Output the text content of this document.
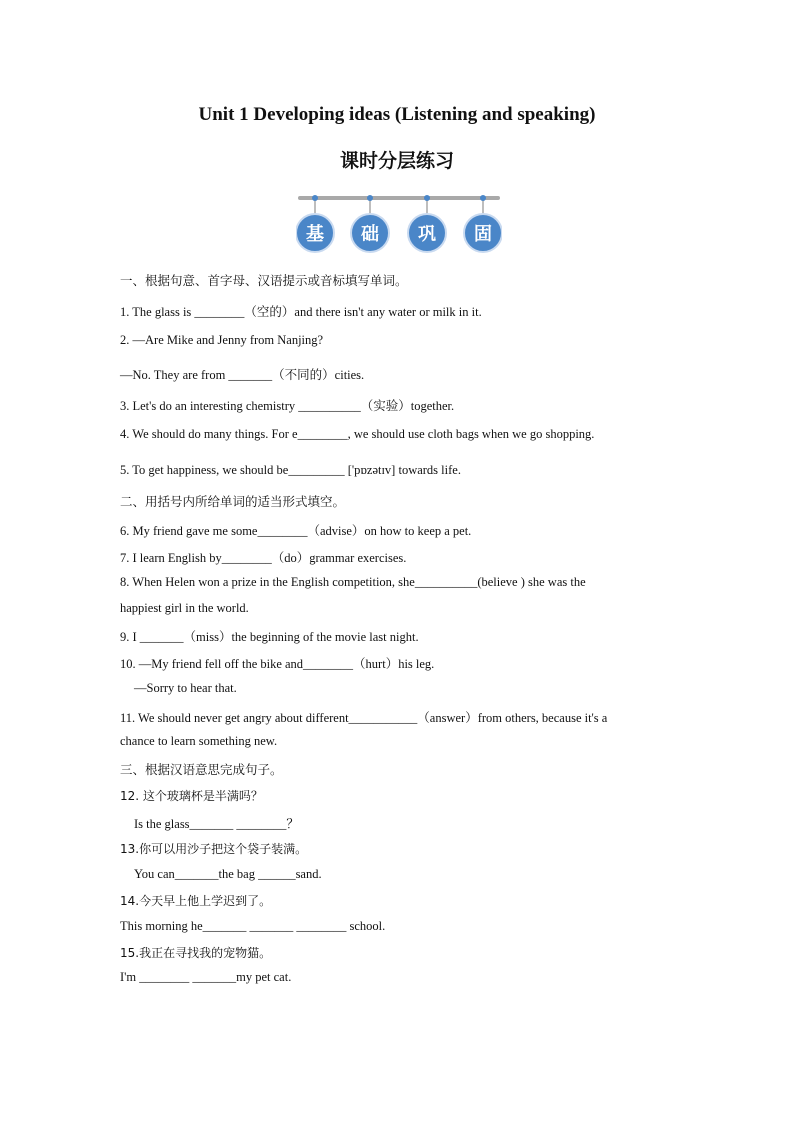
Unit 1 Developing ideas (Listening and speaking)
课时分层练习
基 础 巩 固
一、根据句意、首字母、汉语提示或音标填写单词。
1. The glass is ________（空的）and there isn't any water or milk in it.
2. —Are Mike and Jenny from Nanjing?
—No. They are from _______（不同的）cities.
3. Let's do an interesting chemistry __________（实验）together.
4. We should do many things. For e________, we should use cloth bags when we go shopping.
5. To get happiness, we should be_________ ['pɒzətɪv] towards life.
二、用括号内所给单词的适当形式填空。
6. My friend gave me some________（advise）on how to keep a pet.
7. I learn English by________（do）grammar exercises.
8. When Helen won a prize in the English competition, she__________(believe ) she was the
happiest girl in the world.
9. I _______（miss）the beginning of the movie last night.
10. —My friend fell off the bike and________（hurt）his leg.
—Sorry to hear that.
11. We should never get angry about different___________（answer）from others, because it's a
chance to learn something new.
三、根据汉语意思完成句子。
12. 这个玻璃杯是半满吗？
Is the glass_______ ________？
13.你可以用沙子把这个袋子装满。
You can_______the bag ______sand.
14.今天早上他上学迟到了。
This morning he_______ _______ ________ school.
15.我正在寻找我的宠物猫。
I'm ________ _______my pet cat.
